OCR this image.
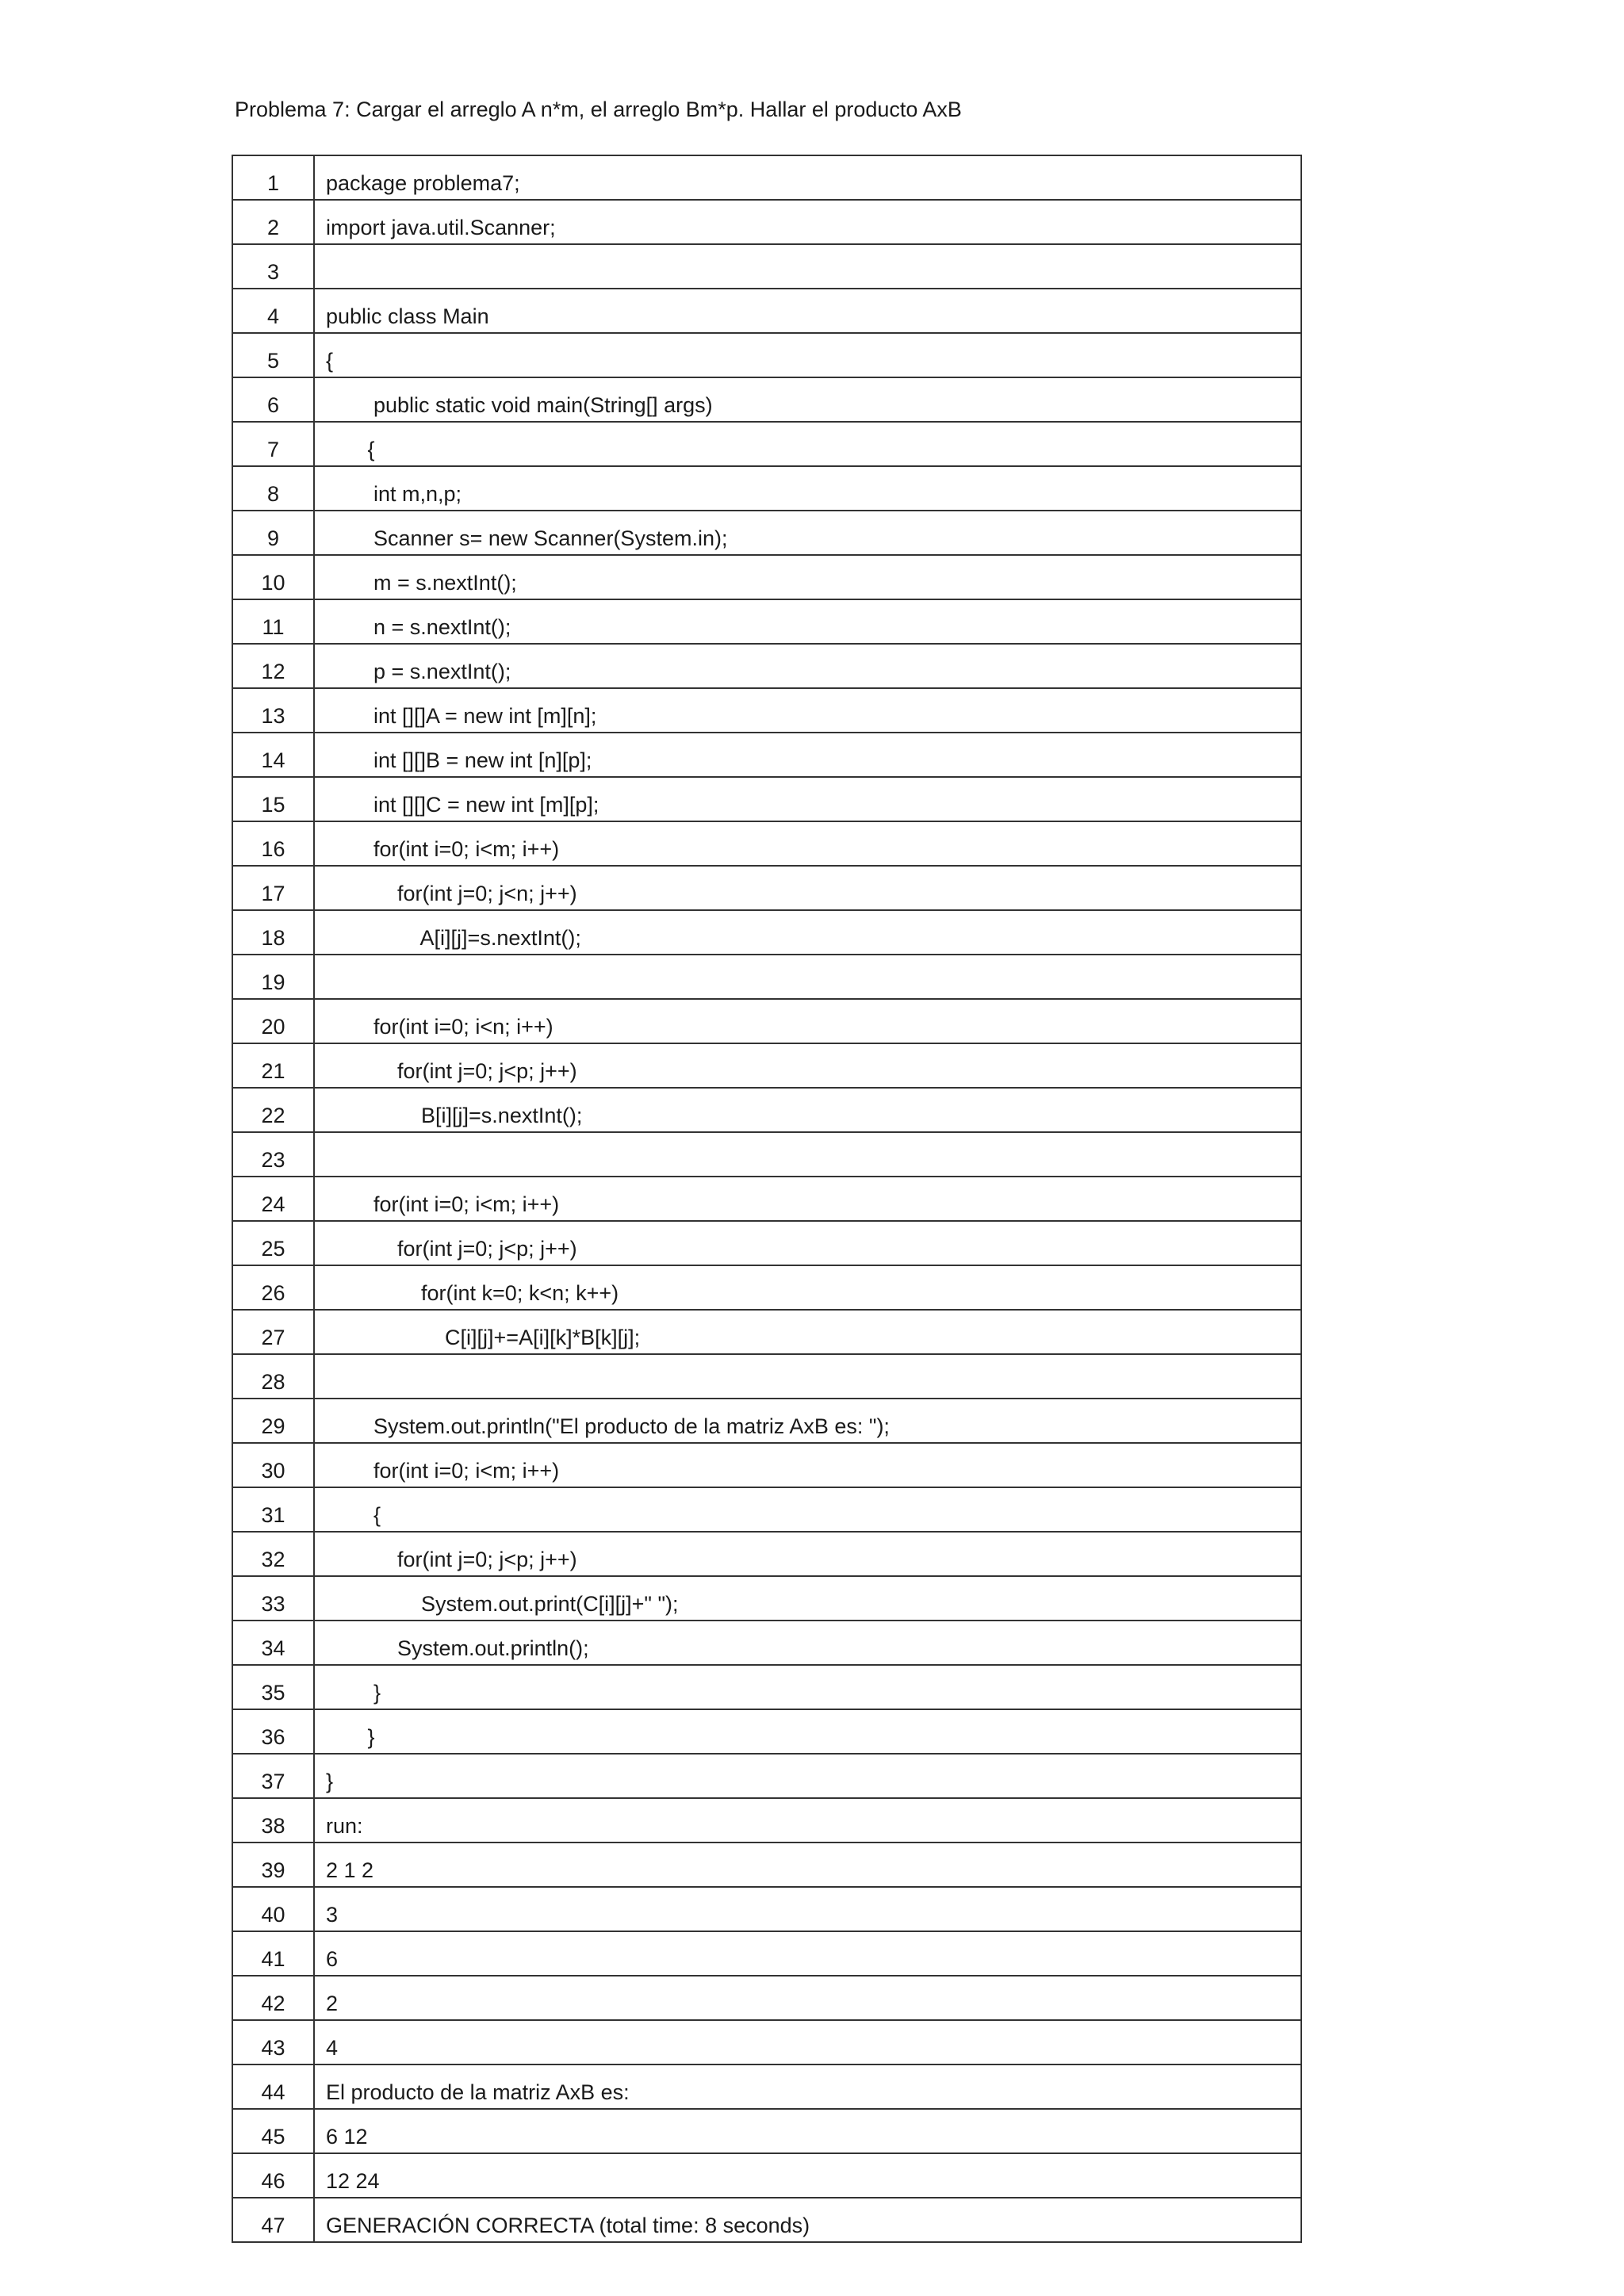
Problema 7: Cargar el arreglo A n*m, el arreglo Bm*p. Hallar el producto AxB
1	package problema7;
2	import java.util.Scanner;
3	
4	public class Main
5	{
6	public static void main(String[] args)
7	{
8	int m,n,p;
9	Scanner s= new Scanner(System.in);
10	m = s.nextInt();
11	n = s.nextInt();
12	p = s.nextInt();
13	int [][]A = new int [m][n];
14	int [][]B = new int [n][p];
15	int [][]C = new int [m][p];
16	for(int i=0; i<m; i++)
17	for(int j=0; j<n; j++)
18	A[i][j]=s.nextInt();
19	
20	for(int i=0; i<n; i++)
21	for(int j=0; j<p; j++)
22	B[i][j]=s.nextInt();
23	
24	for(int i=0; i<m; i++)
25	for(int j=0; j<p; j++)
26	for(int k=0; k<n; k++)
27	C[i][j]+=A[i][k]*B[k][j];
28	
29	System.out.println("El producto de la matriz AxB es: ");
30	for(int i=0; i<m; i++)
31	{
32	for(int j=0; j<p; j++)
33	System.out.print(C[i][j]+" ");
34	System.out.println();
35	}
36	}
37	}
38	run:
39	2 1 2
40	3
41	6
42	2
43	4
44	El producto de la matriz AxB es:
45	6 12
46	12 24
47	GENERACIÓN CORRECTA (total time: 8 seconds)
